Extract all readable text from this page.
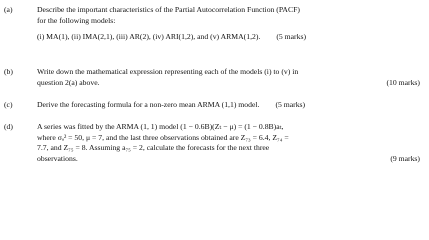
(a)	Describe the important characteristics of the Partial Autocorrelation Function (PACF)
for the following models:
(i) MA(1), (ii) IMA(2,1), (iii) AR(2), (iv) ARI(1,2), and (v) ARMA(1,2). (5 marks)
(b)	Write down the mathematical expression representing each of the models (i) to (v) in
question 2(a) above.	(10 marks)
(c)	Derive the forecasting formula for a non-zero mean ARMA (1,1) model. (5 marks)
(d)	A series was fitted by the ARMA (1, 1) model (1 − 0.6B)(Zₜ − μ) = (1 − 0.8B)aₜ,
where σₐ² = 50, μ = 7, and the last three observations obtained are Z₇₃ = 6.4, Z₇₄ =
7.7, and Z₇₅ = 8. Assuming a₇₅ = 2, calculate the forecasts for the next three
observations.	(9 marks)
